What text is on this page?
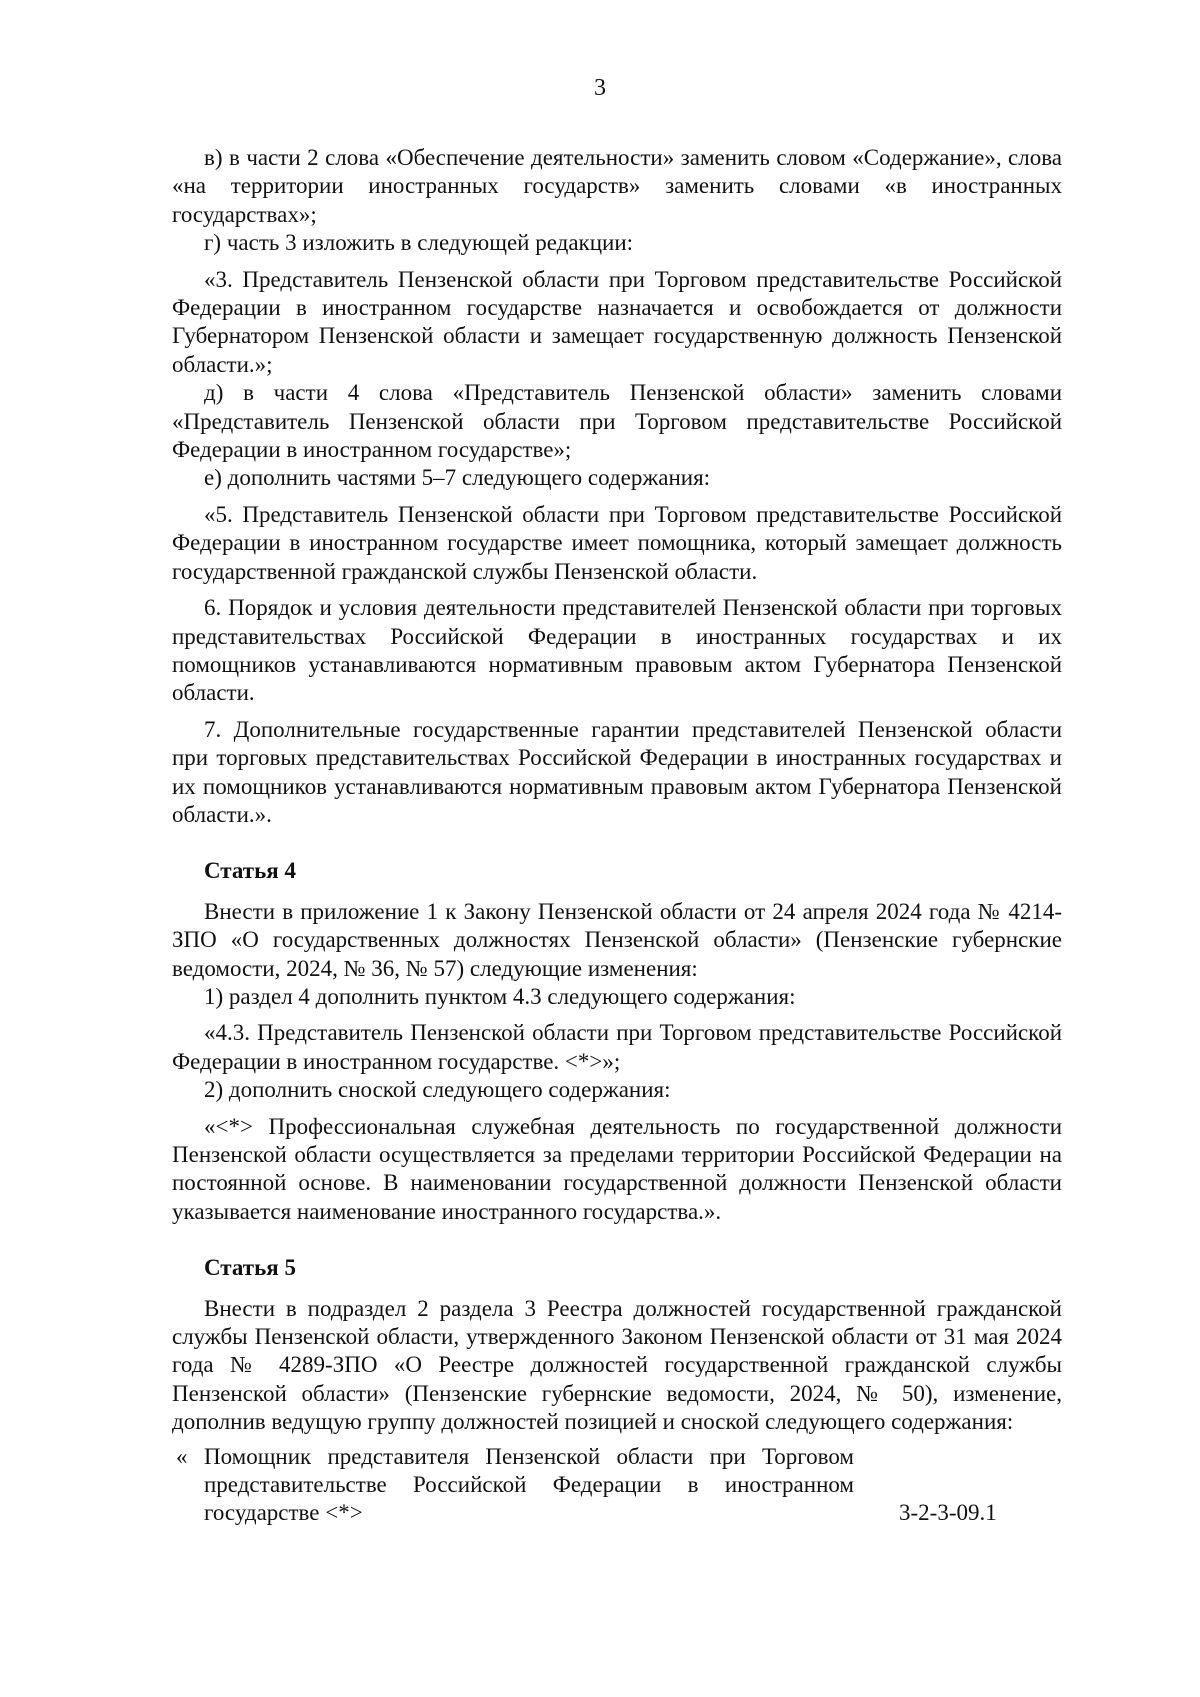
3

в) в части 2 слова «Обеспечение деятельности» заменить словом «Содержание», слова «на территории иностранных государств» заменить словами «в иностранных государствах»;

г) часть 3 изложить в следующей редакции:

«3. Представитель Пензенской области при Торговом представительстве Российской Федерации в иностранном государстве назначается и освобождается от должности Губернатором Пензенской области и замещает государственную должность Пензенской области.»;

д) в части 4 слова «Представитель Пензенской области» заменить словами «Представитель Пензенской области при Торговом представительстве Российской Федерации в иностранном государстве»;

е) дополнить частями 5–7 следующего содержания:

«5. Представитель Пензенской области при Торговом представительстве Российской Федерации в иностранном государстве имеет помощника, который замещает должность государственной гражданской службы Пензенской области.

6. Порядок и условия деятельности представителей Пензенской области при торговых представительствах Российской Федерации в иностранных государствах и их помощников устанавливаются нормативным правовым актом Губернатора Пензенской области.

7. Дополнительные государственные гарантии представителей Пензенской области при торговых представительствах Российской Федерации в иностранных государствах и их помощников устанавливаются нормативным правовым актом Губернатора Пензенской области.».

Статья 4

Внести в приложение 1 к Закону Пензенской области от 24 апреля 2024 года № 4214-ЗПО «О государственных должностях Пензенской области» (Пензенские губернские ведомости, 2024, № 36, № 57) следующие изменения:

1) раздел 4 дополнить пунктом 4.3 следующего содержания:

«4.3. Представитель Пензенской области при Торговом представительстве Российской Федерации в иностранном государстве. <*>»;

2) дополнить сноской следующего содержания:

«<*> Профессиональная служебная деятельность по государственной должности Пензенской области осуществляется за пределами территории Российской Федерации на постоянной основе. В наименовании государственной должности Пензенской области указывается наименование иностранного государства.».

Статья 5

Внести в подраздел 2 раздела 3 Реестра должностей государственной гражданской службы Пензенской области, утвержденного Законом Пензенской области от 31 мая 2024 года № 4289-ЗПО «О Реестре должностей государственной гражданской службы Пензенской области» (Пензенские губернские ведомости, 2024, № 50), изменение, дополнив ведущую группу должностей позицией и сноской следующего содержания:

« Помощник представителя Пензенской области при Торговом представительстве Российской Федерации в иностранном государстве <*>	3-2-3-09.1
